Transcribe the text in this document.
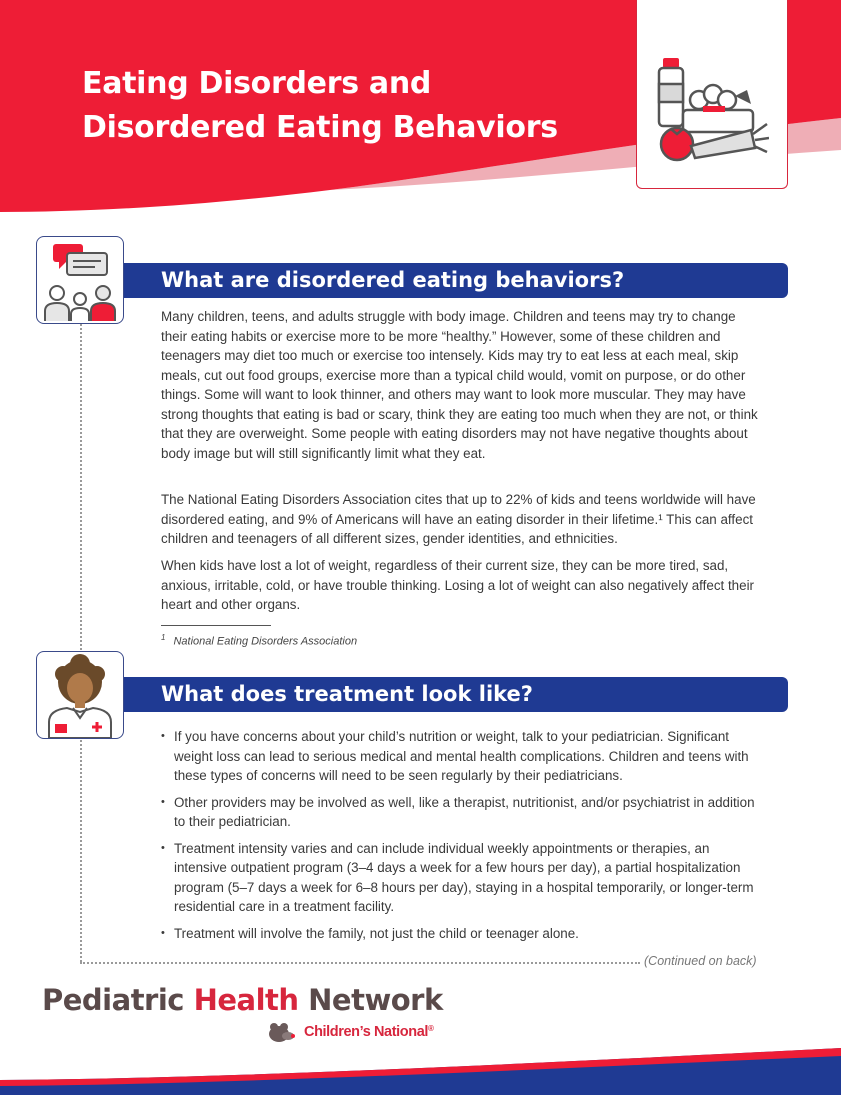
Eating Disorders and
Disordered Eating Behaviors
What are disordered eating behaviors?

Many children, teens, and adults struggle with body image. Children and teens may try to change their eating habits or exercise more to be more “healthy.” However, some of these children and teenagers may diet too much or exercise too intensely. Kids may try to eat less at each meal, skip meals, cut out food groups, exercise more than a typical child would, vomit on purpose, or do other things. Some will want to look thinner, and others may want to look more muscular. They may have strong thoughts that eating is bad or scary, think they are eating too much when they are not, or think that they are overweight. Some people with eating disorders may not have negative thoughts about body image but will still significantly limit what they eat.

The National Eating Disorders Association cites that up to 22% of kids and teens worldwide will have disordered eating, and 9% of Americans will have an eating disorder in their lifetime.¹ This can affect children and teenagers of all different sizes, gender identities, and ethnicities.

When kids have lost a lot of weight, regardless of their current size, they can be more tired, sad, anxious, irritable, cold, or have trouble thinking. Losing a lot of weight can also negatively affect their heart and other organs.

$^1$ National Eating Disorders Association
What does treatment look like?
• If you have concerns about your child’s nutrition or weight, talk to your pediatrician. Significant weight loss can lead to serious medical and mental health complications. Children and teens with these types of concerns will need to be seen regularly by their pediatricians.
• Other providers may be involved as well, like a therapist, nutritionist, and/or psychiatrist in addition to their pediatrician.
• Treatment intensity varies and can include individual weekly appointments or therapies, an intensive outpatient program (3–4 days a week for a few hours per day), a partial hospitalization program (5–7 days a week for 6–8 hours per day), staying in a hospital temporarily, or longer-term residential care in a treatment facility.
• Treatment will involve the family, not just the child or teenager alone.
(Continued on back)
Pediatric Health Network
Children’s National®
